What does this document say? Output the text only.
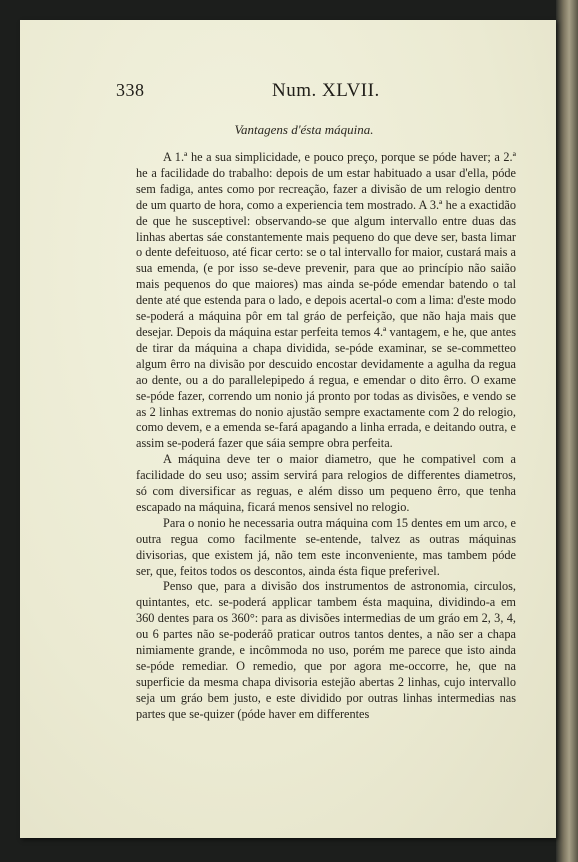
338	Num. XLVII.
Vantagens d'ésta máquina.

A 1.ª he a sua simplicidade, e pouco preço, porque se póde haver; a 2.ª he a facilidade do trabalho: depois de um estar habituado a usar d'ella, póde sem fadiga, antes como por recreação, fazer a divisão de um relogio dentro de um quarto de hora, como a experiencia tem mostrado. A 3.ª he a exactidão de que he susceptivel: observando-se que algum intervallo entre duas das linhas abertas sáe constantemente mais pequeno do que deve ser, basta limar o dente defeituoso, até ficar certo: se o tal intervallo for maior, custará mais a sua emenda, (e por isso se-deve prevenir, para que ao princípio não saião mais pequenos do que maiores) mas ainda se-póde emendar batendo o tal dente até que estenda para o lado, e depois acertal-o com a lima: d'este modo se-poderá a máquina pôr em tal gráo de perfeição, que não haja mais que desejar. Depois da máquina estar perfeita temos 4.ª vantagem, e he, que antes de tirar da máquina a chapa dividida, se-póde examinar, se se-commetteo algum êrro na divisão por descuido encostar devidamente a agulha da regua ao dente, ou a do parallelepipedo á regua, e emendar o dito êrro. O exame se-póde fazer, correndo um nonio já pronto por todas as divisões, e vendo se as 2 linhas extremas do nonio ajustão sempre exactamente com 2 do relogio, como devem, e a emenda se-fará apagando a linha errada, e deitando outra, e assim se-poderá fazer que sáia sempre obra perfeita.

A máquina deve ter o maior diametro, que he compativel com a facilidade do seu uso; assim servirá para relogios de differentes diametros, só com diversificar as reguas, e além disso um pequeno êrro, que tenha escapado na máquina, ficará menos sensivel no relogio.

Para o nonio he necessaria outra máquina com 15 dentes em um arco, e outra regua como facilmente se-entende, talvez as outras máquinas divisorias, que existem já, não tem este inconveniente, mas tambem póde ser, que, feitos todos os descontos, ainda ésta fique preferivel.

Penso que, para a divisão dos instrumentos de astronomia, circulos, quintantes, etc. se-poderá applicar tambem ésta maquina, dividindo-a em 360 dentes para os 360°: para as divisões intermedias de um gráo em 2, 3, 4, ou 6 partes não se-poderáõ praticar outros tantos dentes, a não ser a chapa nimiamente grande, e incômmoda no uso, porém me parece que isto ainda se-póde remediar. O remedio, que por agora me-occorre, he, que na superficie da mesma chapa divisoria estejão abertas 2 linhas, cujo intervallo seja um gráo bem justo, e este dividido por outras linhas intermedias nas partes que se-quizer (póde haver em differentes
